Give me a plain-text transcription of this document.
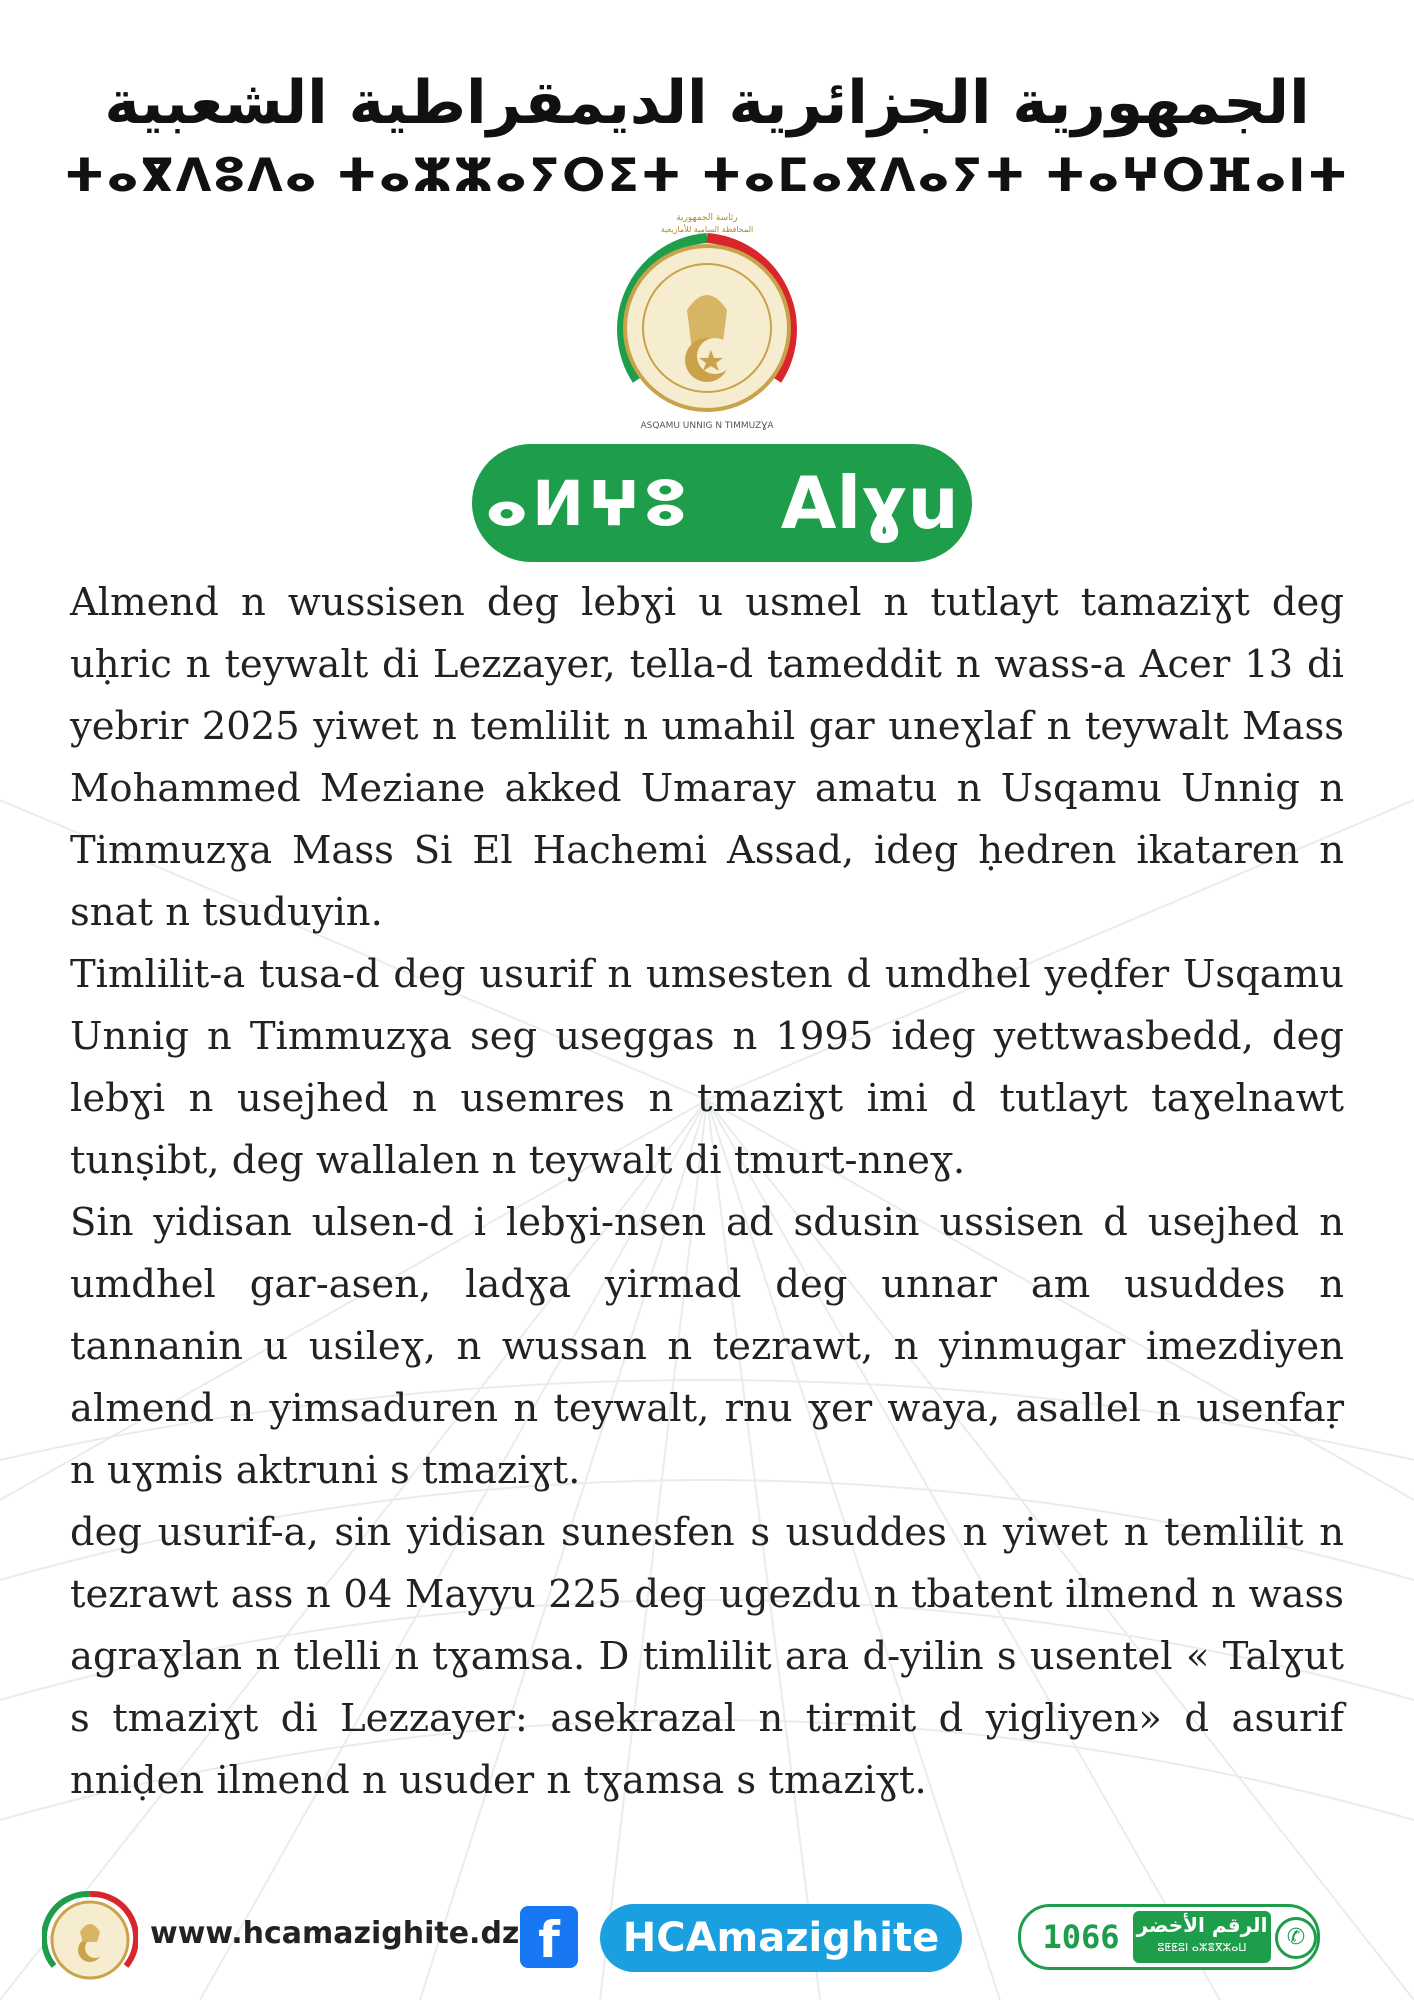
الجمهورية الجزائرية الديمقراطية الشعبية
ⵜⴰⴳⴷⵓⴷⴰ ⵜⴰⵣⵣⴰⵢⵔⵉⵜ ⵜⴰⵎⴰⴳⴷⴰⵢⵜ ⵜⴰⵖⵔⴼⴰⵏⵜ
رئاسة الجمهورية
المحافظة السامية للأمازيغية
ASQAMU UNNIG N TIMMUZƔA
ⴰⵍⵖⵓ Alɣu

Almend n wussisen deg lebɣi u usmel n tutlayt tamaziɣt deg uḥric n teywalt di Lezzayer, tella-d tameddit n wass-a Acer 13 di yebrir 2025 yiwet n temlilit n umahil gar uneɣlaf n teywalt Mass Mohammed Meziane akked Umaray amatu n Usqamu Unnig n Timmuzɣa Mass Si El Hachemi Assad, ideg ḥedren ikataren n snat n tsuduyin.

Timlilit-a tusa-d deg usurif n umsesten d umdhel yeḍfer Usqamu Unnig n Timmuzɣa seg useggas n 1995 ideg yettwasbedd, deg lebɣi n usejhed n usemres n tmaziɣt imi d tutlayt taɣelnawt tunṣibt, deg wallalen n teywalt di tmurt-nneɣ.

Sin yidisan ulsen-d i lebɣi-nsen ad sdusin ussisen d usejhed n umdhel gar-asen, ladɣa yirmad deg unnar am usuddes n tannanin u usileɣ, n wussan n tezrawt, n yinmugar imezdiyen almend n yimsaduren n teywalt, rnu ɣer waya, asallel n usenfaṛ n uɣmis aktruni s tmaziɣt.

deg usurif-a, sin yidisan sunesfen s usuddes n yiwet n temlilit n tezrawt ass n 04 Mayyu 225 deg ugezdu n tbatent ilmend n wass agraɣlan n tlelli n tɣamsa. D timlilit ara d-yilin s usentel « Talɣut s tmaziɣt di Lezzayer: asekrazal n tirmit d yigliyen» d asurif nniḍen ilmend n usuder n tɣamsa s tmaziɣt.

www.hcamazighite.dz f	HCAmazighite	1066 الرقم الأخضر
ⵓⵟⵟⵓⵏ ⴰⵣⴻⴳⵣⴰⵡ	✆
